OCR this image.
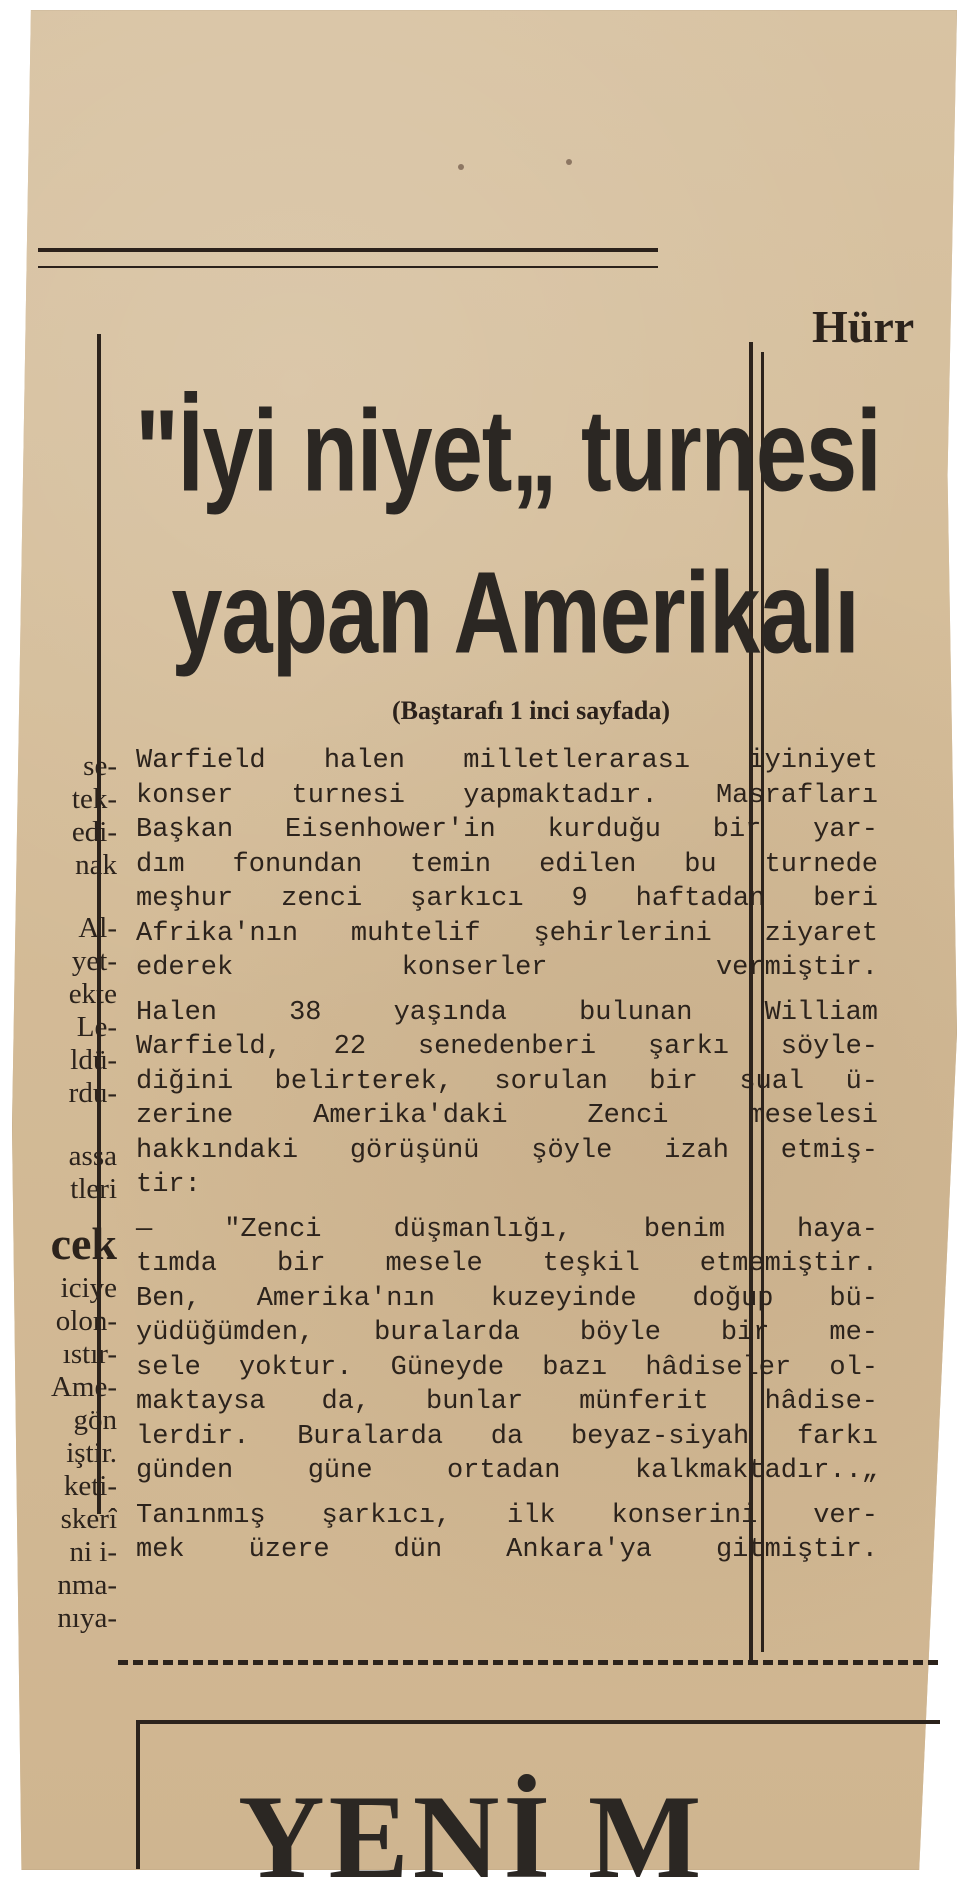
Hürr
"İyi niyet„ turnesi
yapan Amerikalı
(Baştarafı 1 inci sayfada)

Warfield halen milletlerarası iyiniyet
konser turnesi yapmaktadır. Masrafları
Başkan Eisenhower'in kurduğu bir yar-
dım fonundan temin edilen bu turnede
meşhur zenci şarkıcı 9 haftadan beri
Afrika'nın muhtelif şehirlerini ziyaret

ederek konserler vermiştir.

Halen 38 yaşında bulunan William
Warfield, 22 senedenberi şarkı söyle-
diğini belirterek, sorulan bir sual ü-
zerine Amerika'daki Zenci meselesi
hakkındaki görüşünü şöyle izah etmiş-

tir:

— "Zenci düşmanlığı, benim haya-
tımda bir mesele teşkil etmemiştir.
Ben, Amerika'nın kuzeyinde doğup bü-
yüdüğümden, buralarda böyle bir me-
sele yoktur. Güneyde bazı hâdiseler ol-
maktaysa da, bunlar münferit hâdise-
lerdir. Buralarda da beyaz-siyah farkı

günden güne ortadan kalkmaktadır..„

Tanınmış şarkıcı, ilk konserini ver-

mek üzere dün Ankara'ya gitmiştir.

se-
tek-
edi-
nak
Al-
yet-
ekte
Le-
ldü-
rdu-
assa
tleri
cek
iciye
olon-
ıstır-
Ame-
gön
iştir.
keti-
skerî
ni i-
nma-
nıya-
YENİ M
